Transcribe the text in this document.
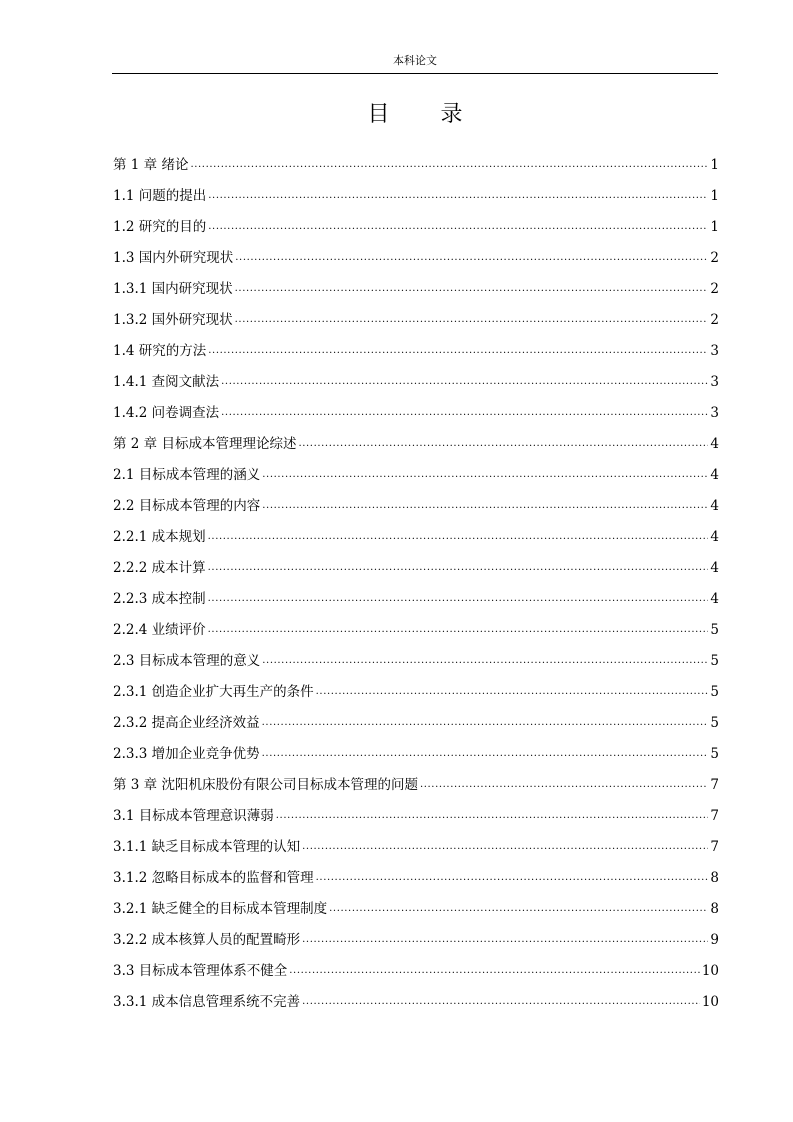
本科论文
目 录
第 1 章 绪论 .....	1
1.1 问题的提出 .....	1
1.2 研究的目的 .....	1
1.3 国内外研究现状 .....	2
1.3.1 国内研究现状 .....	2
1.3.2 国外研究现状 .....	2
1.4 研究的方法 .....	3
1.4.1 查阅文献法 .....	3
1.4.2 问卷调查法 .....	3
第 2 章 目标成本管理理论综述 .....	4
2.1 目标成本管理的涵义 .....	4
2.2 目标成本管理的内容 .....	4
2.2.1 成本规划 .....	4
2.2.2 成本计算 .....	4
2.2.3 成本控制 .....	4
2.2.4 业绩评价 .....	5
2.3 目标成本管理的意义 .....	5
2.3.1 创造企业扩大再生产的条件 .....	5
2.3.2 提高企业经济效益 .....	5
2.3.3 增加企业竞争优势 .....	5
第 3 章 沈阳机床股份有限公司目标成本管理的问题 .....	7
3.1 目标成本管理意识薄弱 .....	7
3.1.1 缺乏目标成本管理的认知 .....	7
3.1.2 忽略目标成本的监督和管理 .....	8
3.2.1 缺乏健全的目标成本管理制度 .....	8
3.2.2 成本核算人员的配置畸形 .....	9
3.3 目标成本管理体系不健全 .....	10
3.3.1 成本信息管理系统不完善 .....	10
